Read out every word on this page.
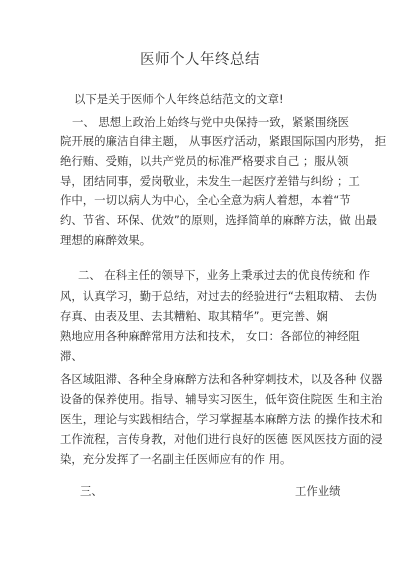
医师个人年终总结

以下是关于医师个人年终总结范文的文章!

一、 思想上政治上始终与党中央保持一致，紧紧围绕医

院开展的廉洁自律主题， 从事医疗活动，紧跟国际国内形势， 拒

绝行贿、受贿，以共产党员的标准严格要求自己 ；服从领

导，团结同事，爱岗敬业，未发生一起医疗差错与纠纷 ；工

作中，一切以病人为中心，全心全意为病人着想，本着“节

约、节省、环保、优效”的原则，选择简单的麻醉方法，做 出最

理想的麻醉效果。

二、 在科主任的领导下，业务上秉承过去的优良传统和 作

风，认真学习，勤于总结，对过去的经验进行“去粗取精、 去伪

存真、由表及里、去其糟粕、取其精华”。更完善、娴

熟地应用各种麻醉常用方法和技术， 女口：各部位的神经阻

滞、

各区域阻滞、各种全身麻醉方法和各种穿刺技术，以及各种 仪器

设备的保养使用。指导、辅导实习医生，低年资住院医 生和主治

医生，理论与实践相结合，学习掌握基本麻醉方法 的操作技术和

工作流程，言传身教，对他们进行良好的医德 医风医技方面的浸

染，充分发挥了一名副主任医师应有的作 用。

三、	工作业绩
